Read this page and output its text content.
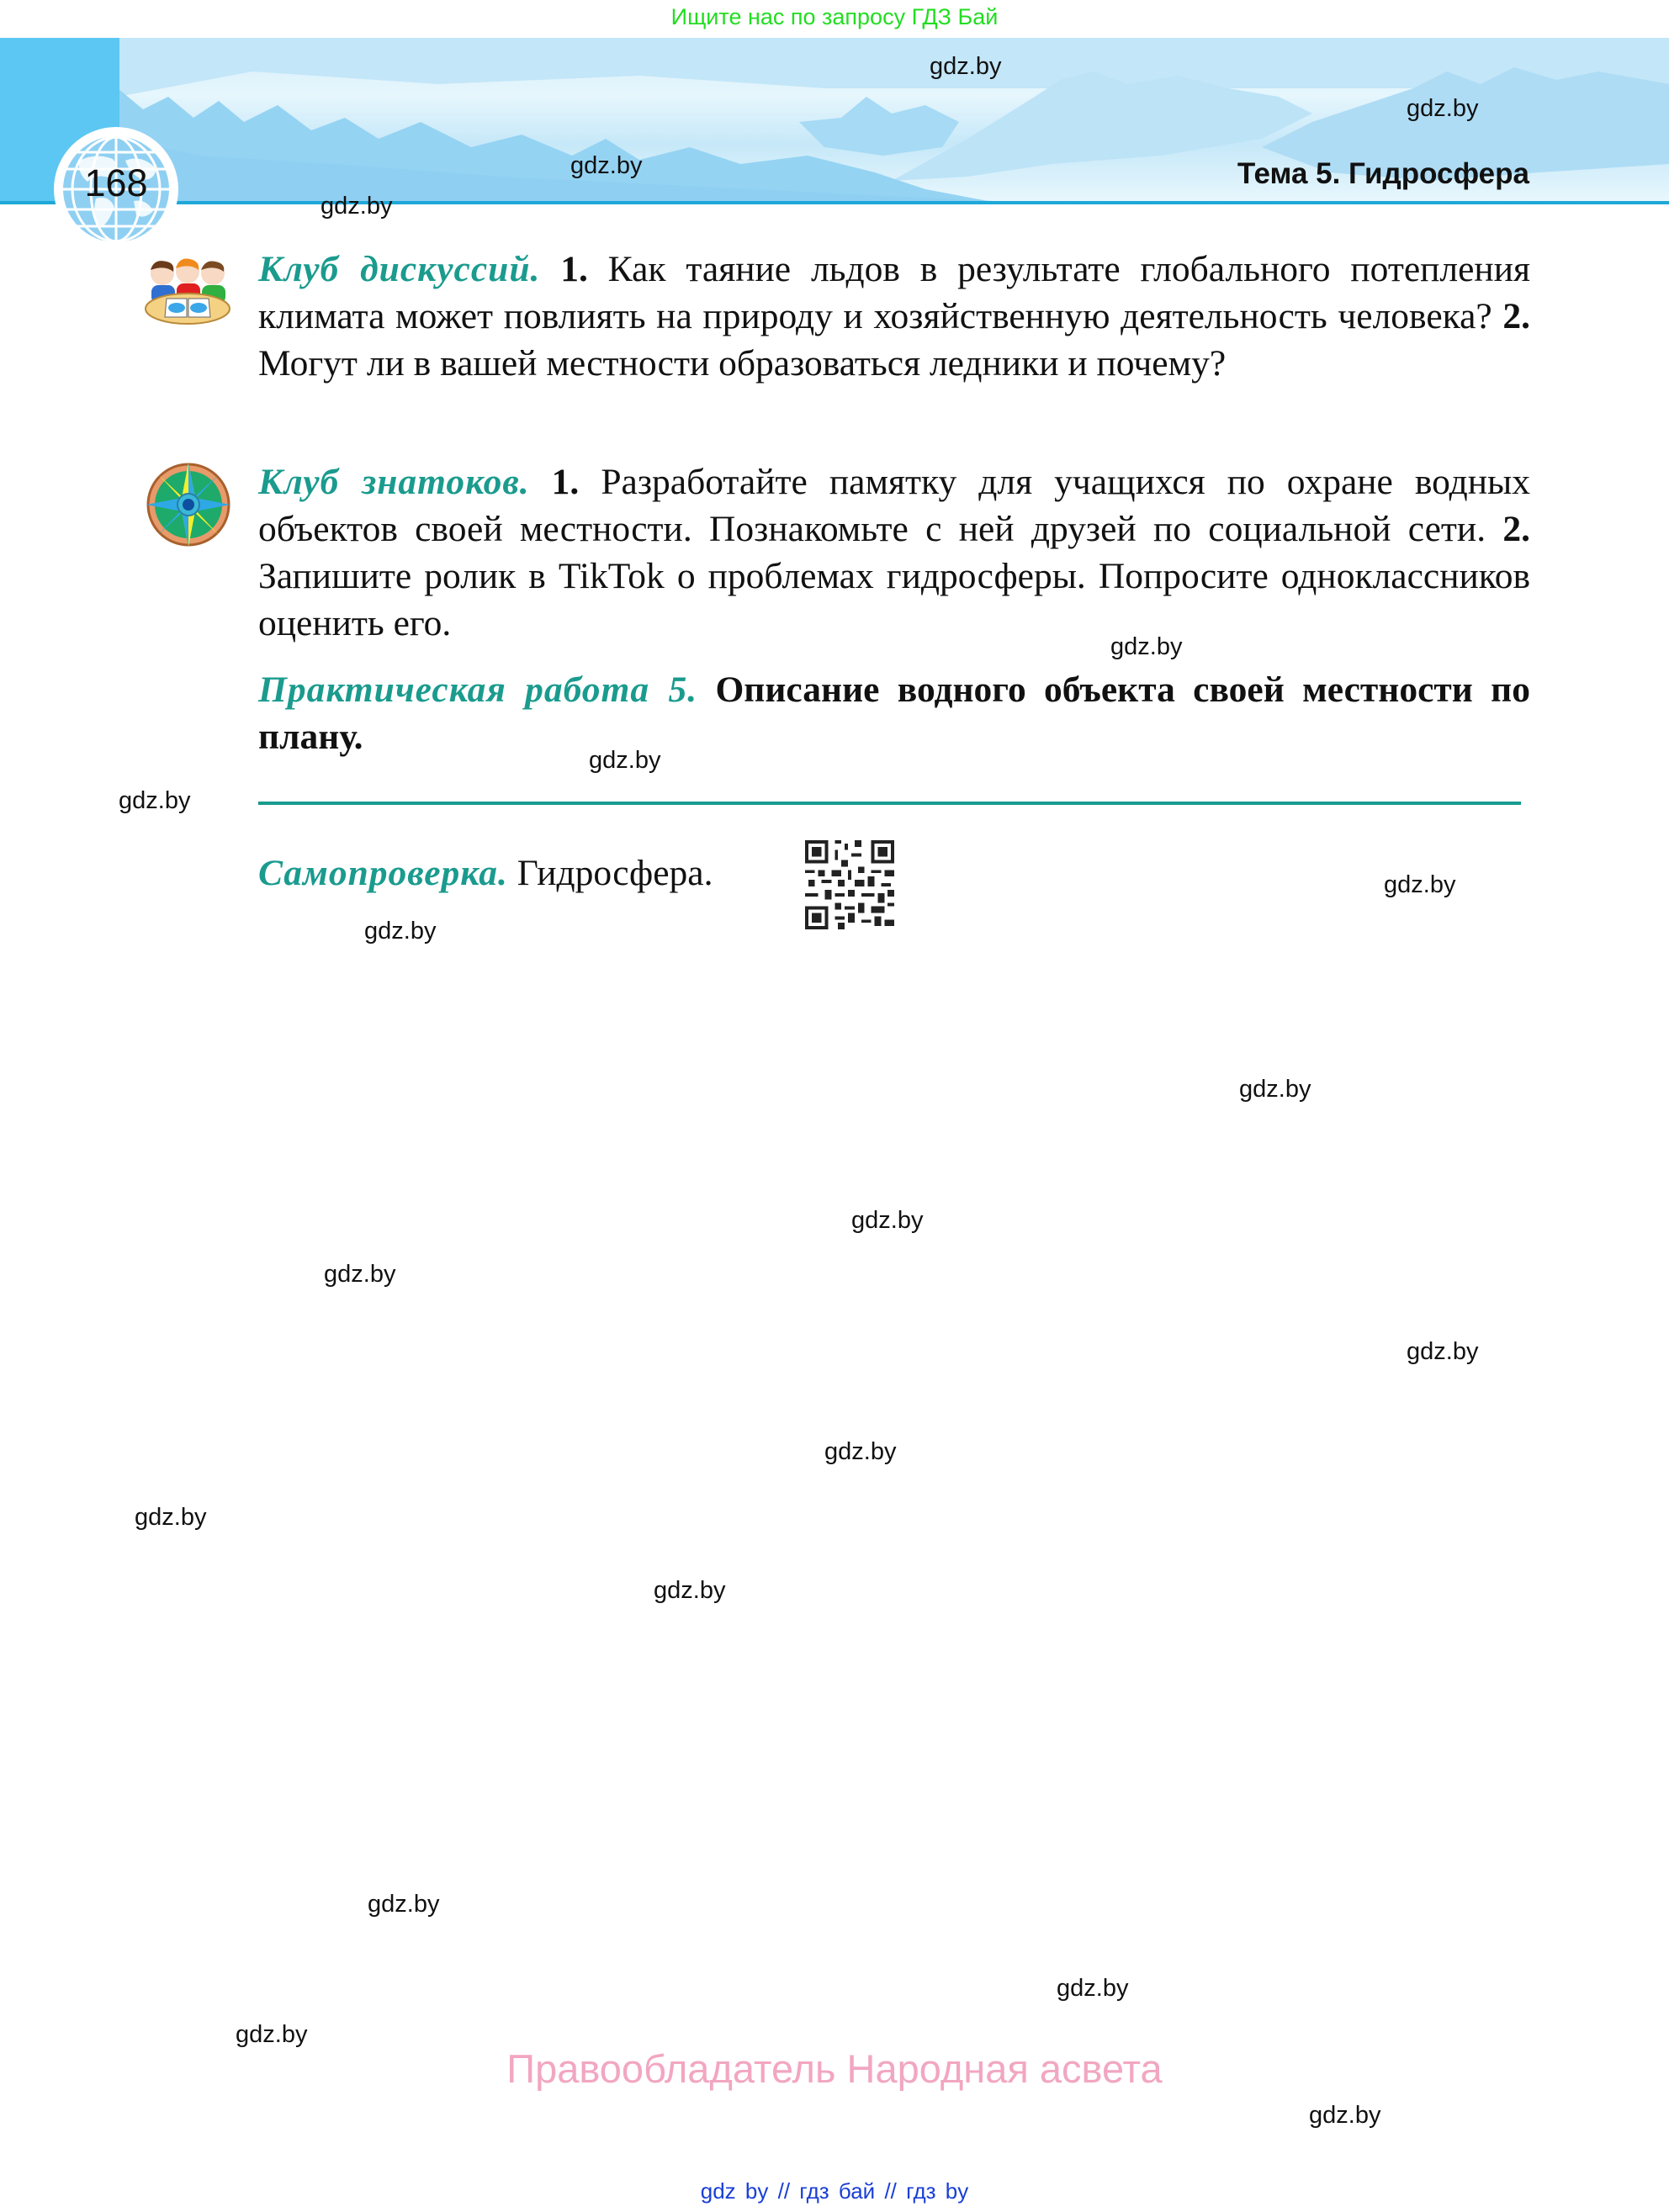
Ищите нас по запросу ГДЗ Бай
168	Тема 5. Гидросфера
Клуб дискуссий. 1. Как таяние льдов в результате глобального потепления климата может повлиять на природу и хозяйственную деятельность человека? 2. Могут ли в вашей местности образоваться ледники и почему?
Клуб знатоков. 1. Разработайте памятку для учащихся по охране водных объектов своей местности. Познакомьте с ней друзей по социальной сети. 2. Запишите ролик в TikTok о проблемах гидросферы. Попросите одноклассников оценить его.
Практическая работа 5. Описание водного объекта своей местности по плану.
Самопроверка. Гидросфера.
Правообладатель Народная асвета
gdz by // гдз бай // гдз by
gdz.by
gdz.by
gdz.by
gdz.by
gdz.by
gdz.by
gdz.by
gdz.by
gdz.by
gdz.by
gdz.by
gdz.by
gdz.by
gdz.by
gdz.by
gdz.by
gdz.by
gdz.by
gdz.by
gdz.by
